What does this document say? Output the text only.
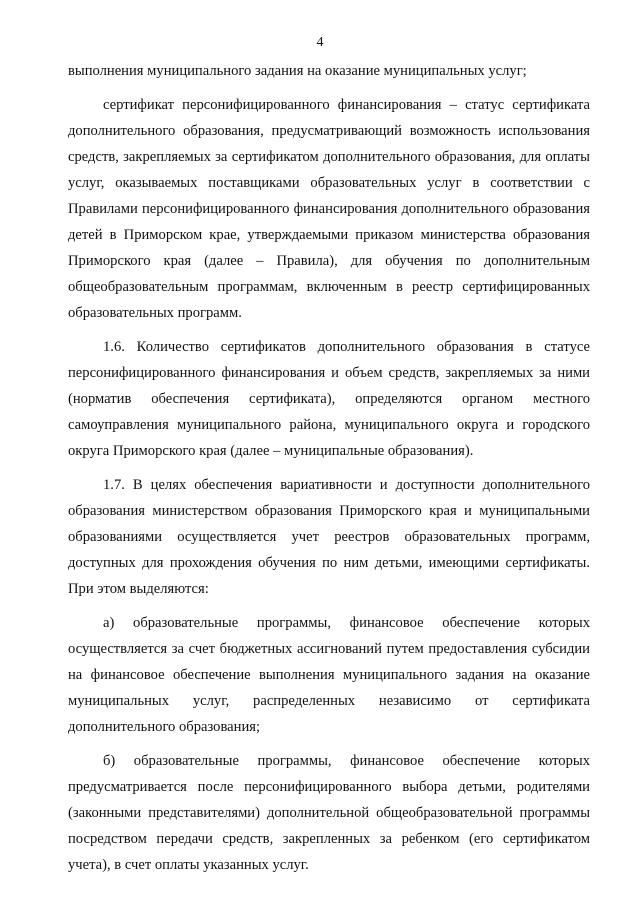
4

выполнения муниципального задания на оказание муниципальных услуг;

сертификат персонифицированного финансирования – статус сертификата дополнительного образования, предусматривающий возможность использования средств, закрепляемых за сертификатом дополнительного образования, для оплаты услуг, оказываемых поставщиками образовательных услуг в соответствии с Правилами персонифицированного финансирования дополнительного образования детей в Приморском крае, утверждаемыми приказом министерства образования Приморского края (далее – Правила), для обучения по дополнительным общеобразовательным программам, включенным в реестр сертифицированных образовательных программ.

1.6. Количество сертификатов дополнительного образования в статусе персонифицированного финансирования и объем средств, закрепляемых за ними (норматив обеспечения сертификата), определяются органом местного самоуправления муниципального района, муниципального округа и городского округа Приморского края (далее – муниципальные образования).

1.7. В целях обеспечения вариативности и доступности дополнительного образования министерством образования Приморского края и муниципальными образованиями осуществляется учет реестров образовательных программ, доступных для прохождения обучения по ним детьми, имеющими сертификаты. При этом выделяются:

а) образовательные программы, финансовое обеспечение которых осуществляется за счет бюджетных ассигнований путем предоставления субсидии на финансовое обеспечение выполнения муниципального задания на оказание муниципальных услуг, распределенных независимо от сертификата дополнительного образования;

б) образовательные программы, финансовое обеспечение которых предусматривается после персонифицированного выбора детьми, родителями (законными представителями) дополнительной общеобразовательной программы посредством передачи средств, закрепленных за ребенком (его сертификатом учета), в счет оплаты указанных услуг.
